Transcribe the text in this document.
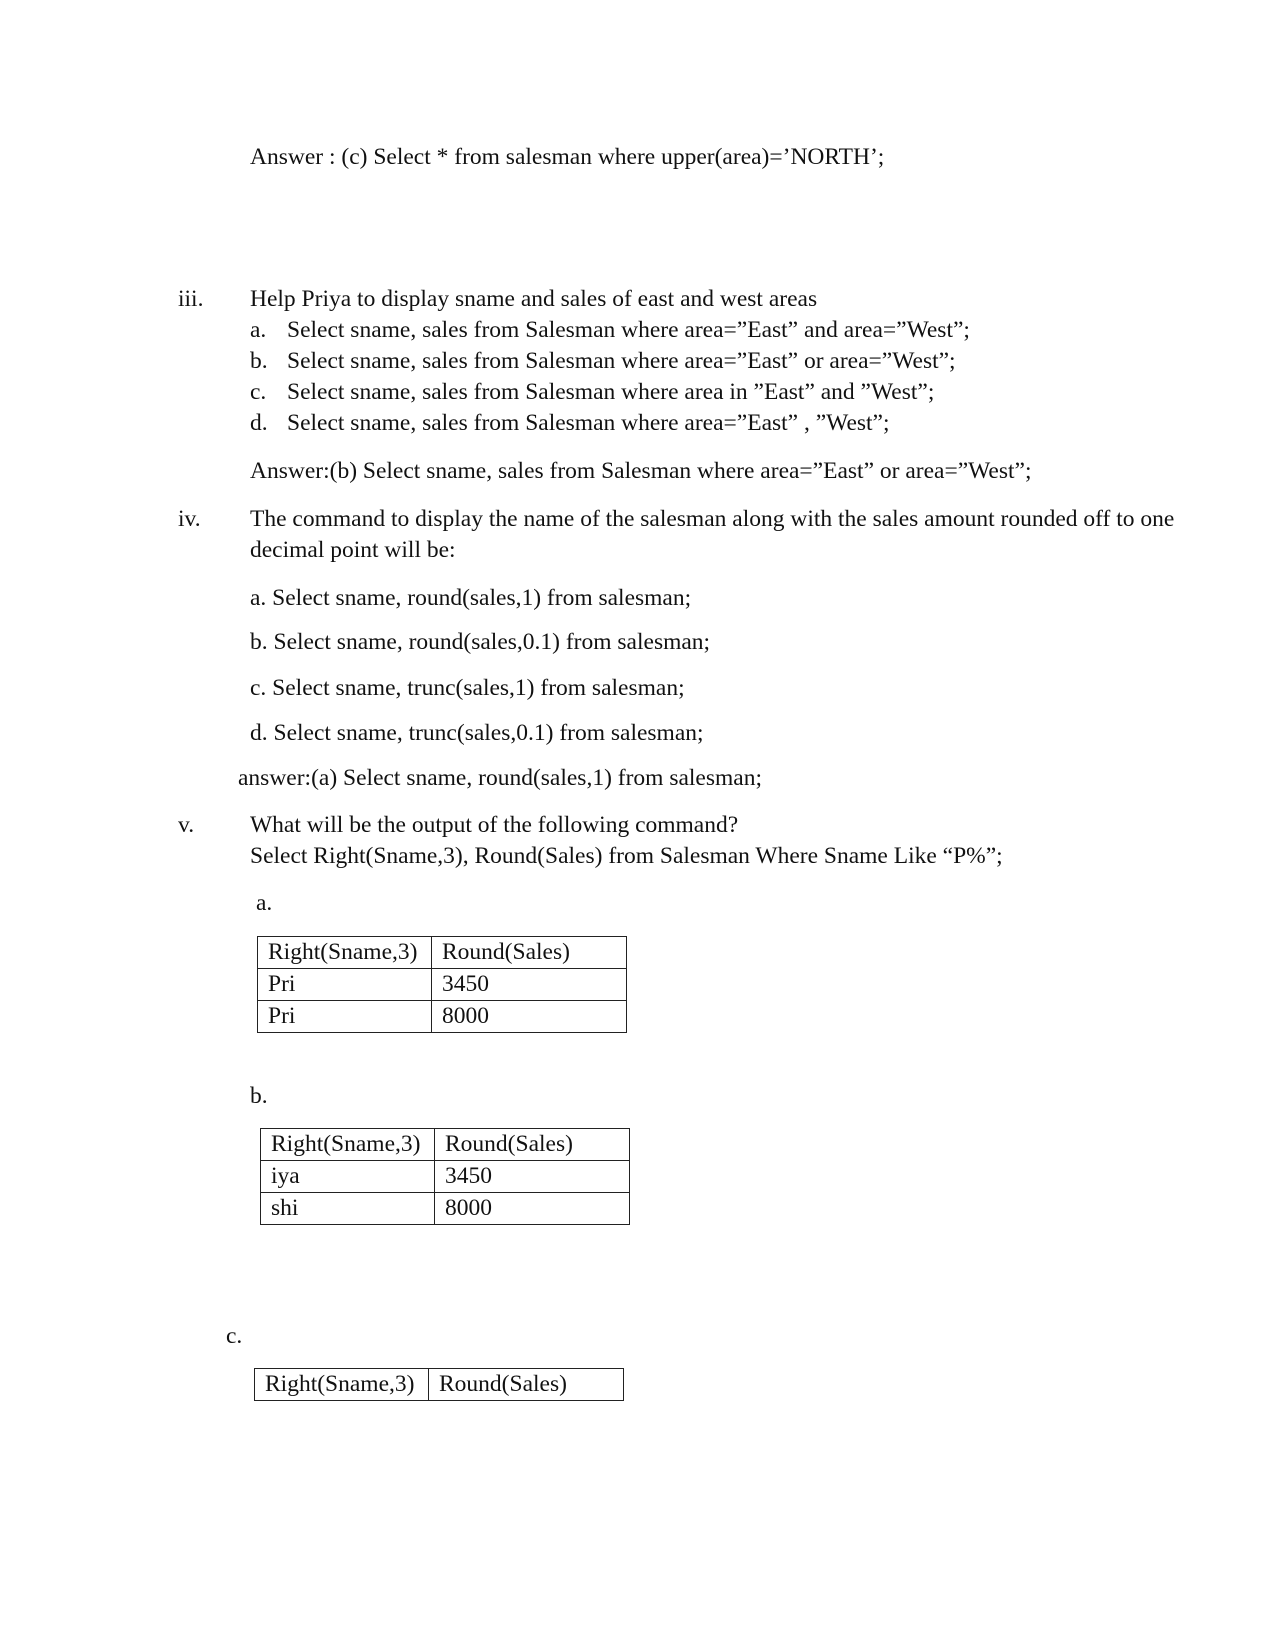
Answer : (c) Select * from salesman where upper(area)=’NORTH’;
iii. Help Priya to display sname and sales of east and west areas
a. Select sname, sales from Salesman where area=”East” and area=”West”;
b. Select sname, sales from Salesman where area=”East” or area=”West”;
c. Select sname, sales from Salesman where area in ”East” and ”West”;
d. Select sname, sales from Salesman where area=”East” , ”West”;
Answer:(b) Select sname, sales from Salesman where area=”East” or area=”West”;
iv. The command to display the name of the salesman along with the sales amount rounded off to one
decimal point will be:
a. Select sname, round(sales,1) from salesman;
b. Select sname, round(sales,0.1) from salesman;
c. Select sname, trunc(sales,1) from salesman;
d. Select sname, trunc(sales,0.1) from salesman;
answer:(a) Select sname, round(sales,1) from salesman;
v. What will be the output of the following command?
Select Right(Sname,3), Round(Sales) from Salesman Where Sname Like “P%”;
a.
Right(Sname,3)	Round(Sales)
Pri	3450
Pri	8000
b.
Right(Sname,3)	Round(Sales)
iya	3450
shi	8000
c.
Right(Sname,3)	Round(Sales)
